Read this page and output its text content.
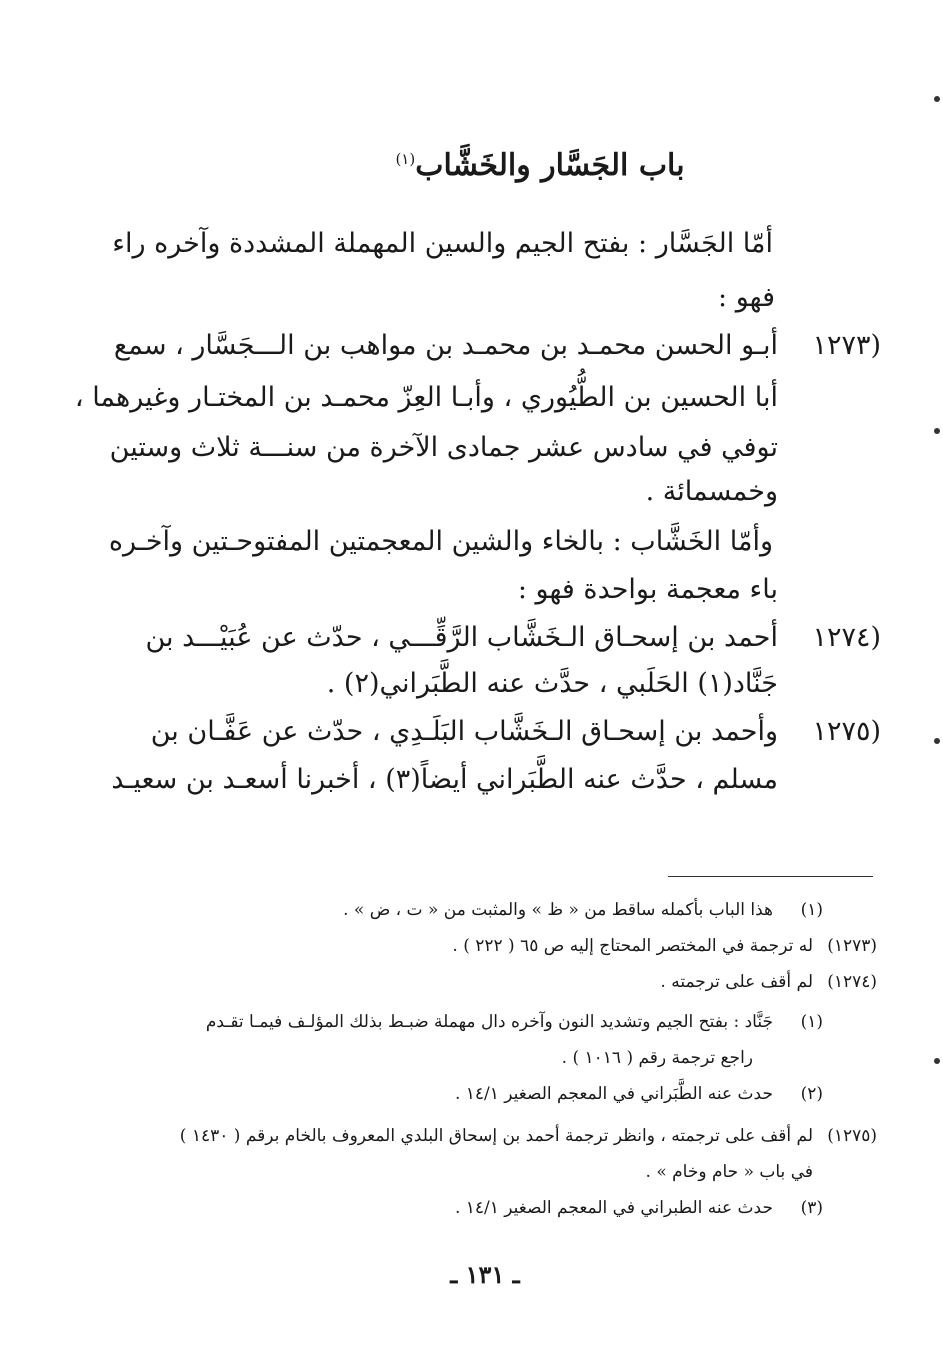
باب الجَسَّار والخَشَّاب$^{(١)}$
أمّا الجَسَّار : بفتح الجيم والسين المهملة المشددة وآخره راء
فهو :
(١٢٧٣
أبـو الحسن محمـد بن محمـد بن مواهب بن الـــجَسَّار ، سمع
أبا الحسين بن الطُّيُوري ، وأبـا العِزّ محمـد بن المختـار وغيرهما ،
توفي في سادس عشر جمادى الآخرة من سنـــة ثلاث وستين
وخمسمائة .
وأمّا الخَشَّاب : بالخاء والشين المعجمتين المفتوحـتين وآخـره
باء معجمة بواحدة فهو :
(١٢٧٤
أحمد بن إسحـاق الـخَشَّاب الرَّقِّـــي ، حدّث عن عُبَيْـــد بن
جَنَّاد(١) الحَلَبي ، حدَّث عنه الطَّبَراني(٢) .
(١٢٧٥
وأحمد بن إسحـاق الـخَشَّاب البَلَـدِي ، حدّث عن عَفَّـان بن
مسلم ، حدَّث عنه الطَّبَراني أيضاً(٣) ، أخبرنا أسعـد بن سعيـد
(١)
هذا الباب بأكمله ساقط من « ظ » والمثبت من « ت ، ض » .
(١٢٧٣)
له ترجمة في المختصر المحتاج إليه ص ٦٥ ( ٢٢٢ ) .
(١٢٧٤)
لم أقف على ترجمته .
(١)
جَنَّاد : بفتح الجيم وتشديد النون وآخره دال مهملة ضبـط بذلك المؤلـف فيمـا تقـدم
راجع ترجمة رقم ( ١٠١٦ ) .
(٢)
حدث عنه الطَّبَراني في المعجم الصغير ١٤/١ .
(١٢٧٥)
لم أقف على ترجمته ، وانظر ترجمة أحمد بن إسحاق البلدي المعروف بالخام برقم ( ١٤٣٠ )
في باب « حام وخام » .
(٣)
حدث عنه الطبراني في المعجم الصغير ١٤/١ .
ـ ١٣١ ـ
